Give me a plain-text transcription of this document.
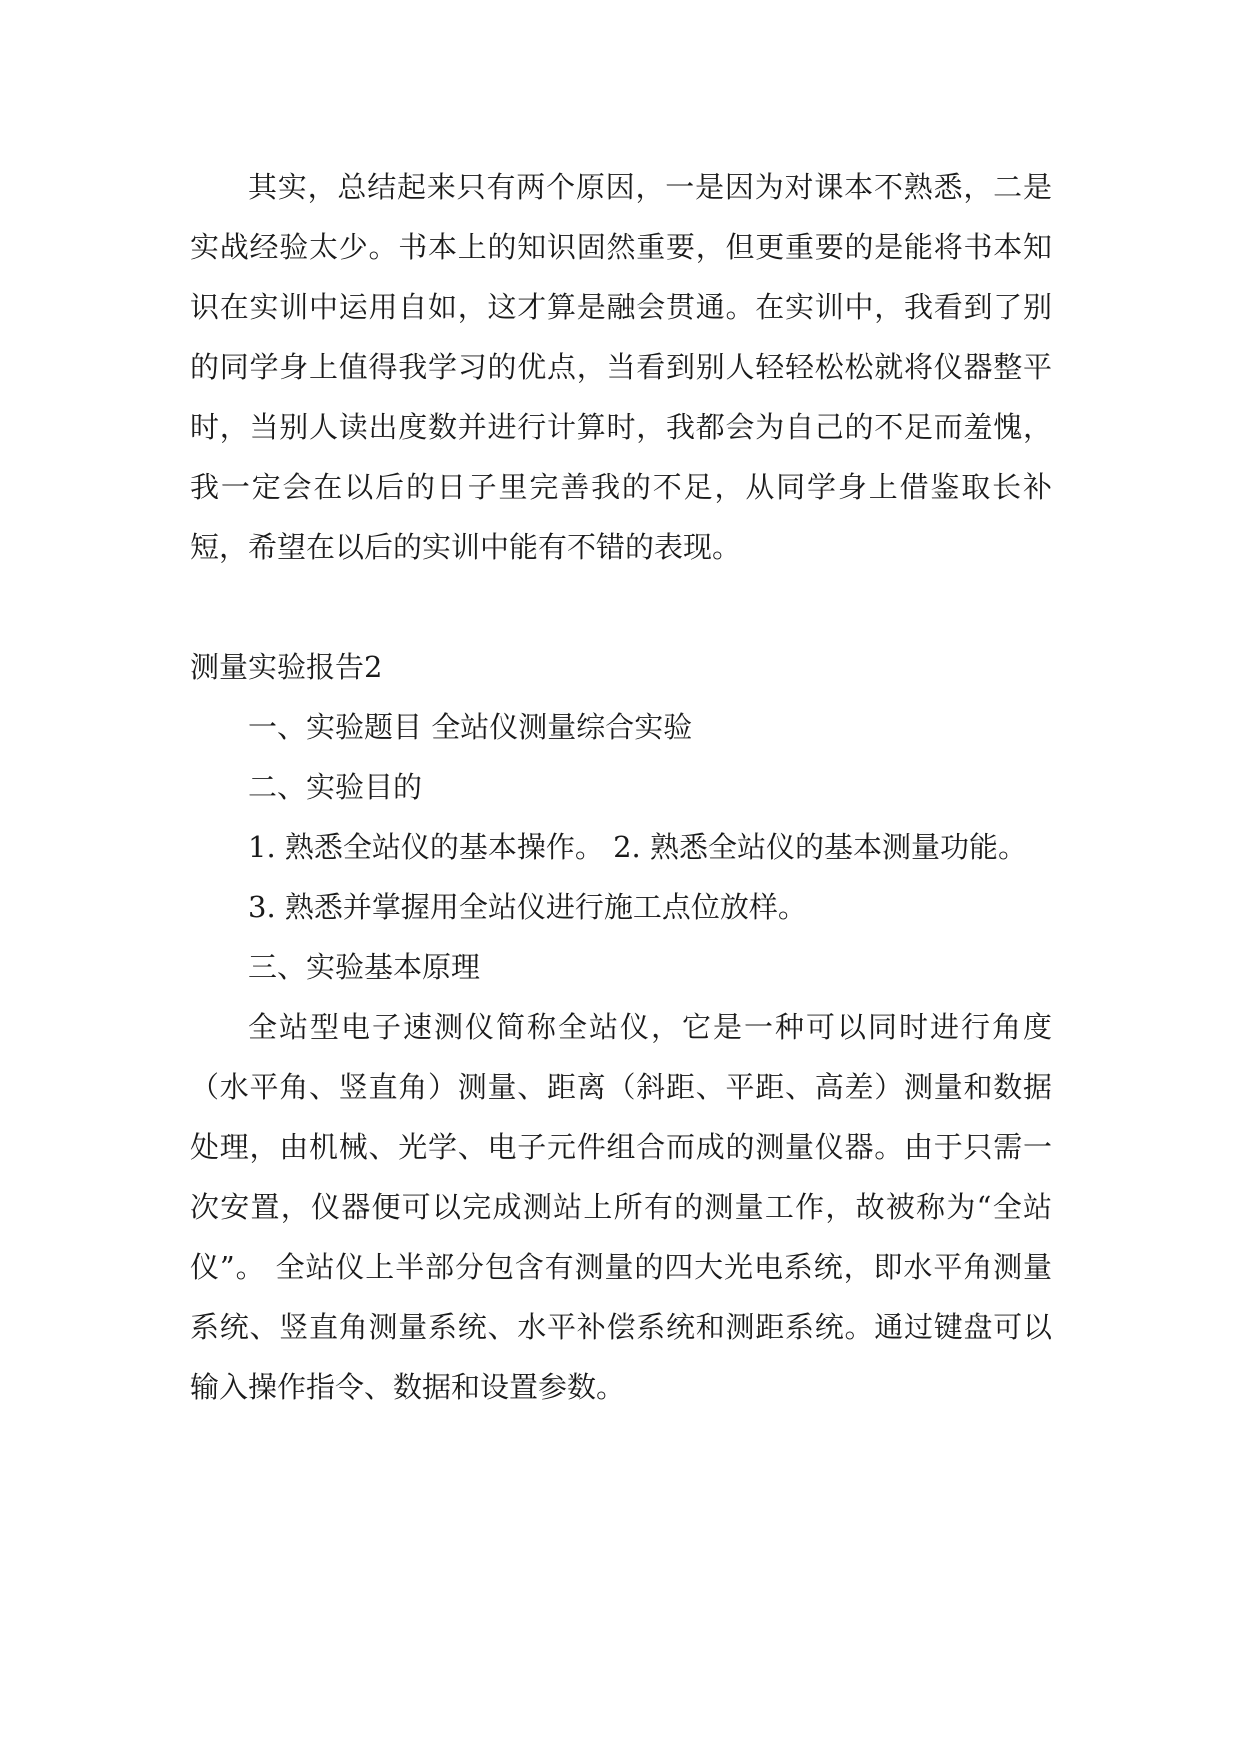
其实，总结起来只有两个原因，一是因为对课本不熟悉，二是实战经验太少。书本上的知识固然重要，但更重要的是能将书本知识在实训中运用自如，这才算是融会贯通。在实训中，我看到了别的同学身上值得我学习的优点，当看到别人轻轻松松就将仪器整平时，当别人读出度数并进行计算时，我都会为自己的不足而羞愧，我一定会在以后的日子里完善我的不足，从同学身上借鉴取长补短，希望在以后的实训中能有不错的表现。

测量实验报告2

一、实验题目 全站仪测量综合实验

二、实验目的

1. 熟悉全站仪的基本操作。 2. 熟悉全站仪的基本测量功能。

3. 熟悉并掌握用全站仪进行施工点位放样。

三、实验基本原理

全站型电子速测仪简称全站仪，它是一种可以同时进行角度（水平角、竖直角）测量、距离（斜距、平距、高差）测量和数据处理，由机械、光学、电子元件组合而成的测量仪器。由于只需一次安置，仪器便可以完成测站上所有的测量工作，故被称为“全站仪”。 全站仪上半部分包含有测量的四大光电系统，即水平角测量系统、竖直角测量系统、水平补偿系统和测距系统。通过键盘可以输入操作指令、数据和设置参数。
